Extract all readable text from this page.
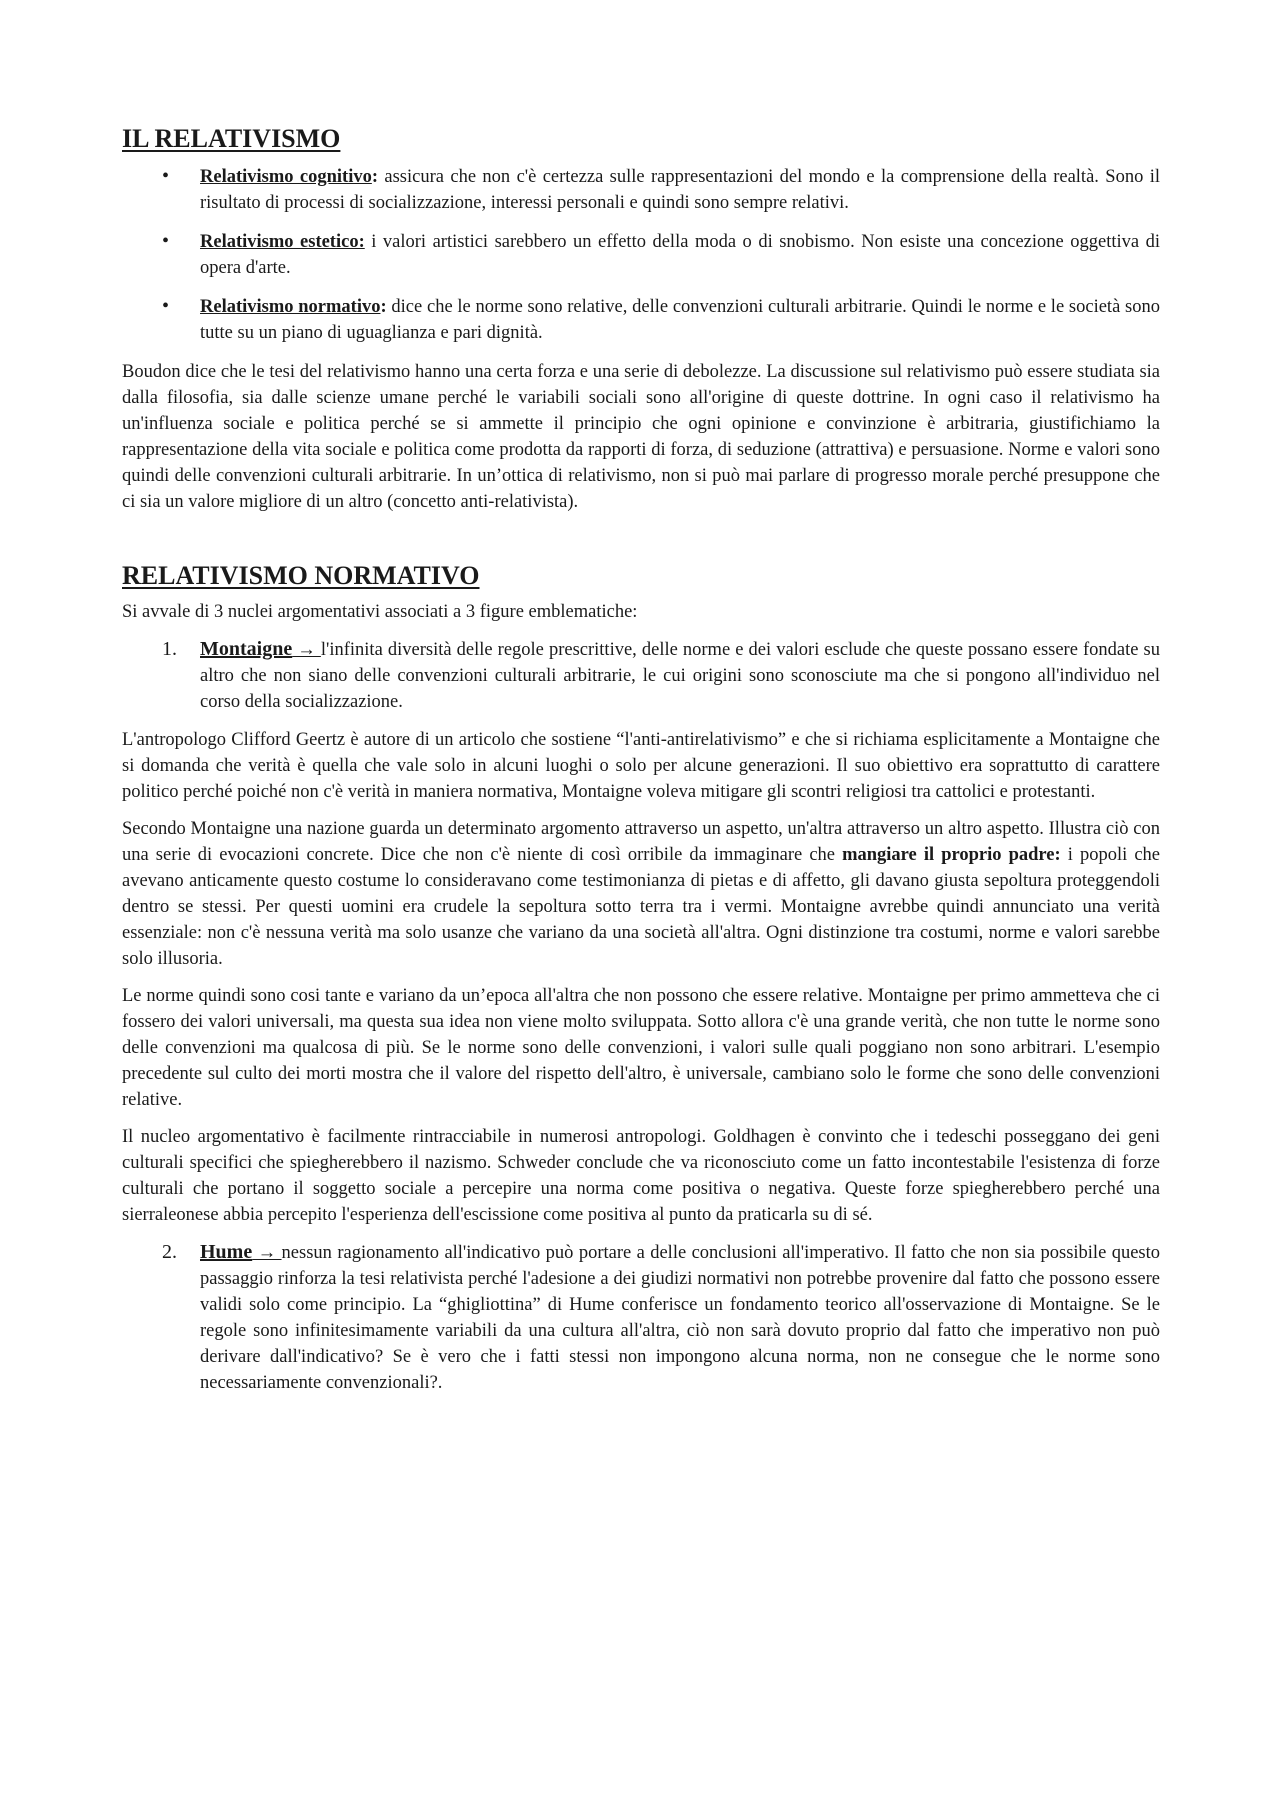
IL RELATIVISMO
• Relativismo cognitivo: assicura che non c'è certezza sulle rappresentazioni del mondo e la comprensione della realtà. Sono il risultato di processi di socializzazione, interessi personali e quindi sono sempre relativi.
• Relativismo estetico: i valori artistici sarebbero un effetto della moda o di snobismo. Non esiste una concezione oggettiva di opera d'arte.
• Relativismo normativo: dice che le norme sono relative, delle convenzioni culturali arbitrarie. Quindi le norme e le società sono tutte su un piano di uguaglianza e pari dignità.

Boudon dice che le tesi del relativismo hanno una certa forza e una serie di debolezze. La discussione sul relativismo può essere studiata sia dalla filosofia, sia dalle scienze umane perché le variabili sociali sono all'origine di queste dottrine. In ogni caso il relativismo ha un'influenza sociale e politica perché se si ammette il principio che ogni opinione e convinzione è arbitraria, giustifichiamo la rappresentazione della vita sociale e politica come prodotta da rapporti di forza, di seduzione (attrattiva) e persuasione. Norme e valori sono quindi delle convenzioni culturali arbitrarie. In un’ottica di relativismo, non si può mai parlare di progresso morale perché presuppone che ci sia un valore migliore di un altro (concetto anti-relativista).

RELATIVISMO NORMATIVO

Si avvale di 3 nuclei argomentativi associati a 3 figure emblematiche:

1. Montaigne → l'infinita diversità delle regole prescrittive, delle norme e dei valori esclude che queste possano essere fondate su altro che non siano delle convenzioni culturali arbitrarie, le cui origini sono sconosciute ma che si pongono all'individuo nel corso della socializzazione.

L'antropologo Clifford Geertz è autore di un articolo che sostiene “l'anti-antirelativismo” e che si richiama esplicitamente a Montaigne che si domanda che verità è quella che vale solo in alcuni luoghi o solo per alcune generazioni. Il suo obiettivo era soprattutto di carattere politico perché poiché non c'è verità in maniera normativa, Montaigne voleva mitigare gli scontri religiosi tra cattolici e protestanti.

Secondo Montaigne una nazione guarda un determinato argomento attraverso un aspetto, un'altra attraverso un altro aspetto. Illustra ciò con una serie di evocazioni concrete. Dice che non c'è niente di così orribile da immaginare che mangiare il proprio padre: i popoli che avevano anticamente questo costume lo consideravano come testimonianza di pietas e di affetto, gli davano giusta sepoltura proteggendoli dentro se stessi. Per questi uomini era crudele la sepoltura sotto terra tra i vermi. Montaigne avrebbe quindi annunciato una verità essenziale: non c'è nessuna verità ma solo usanze che variano da una società all'altra. Ogni distinzione tra costumi, norme e valori sarebbe solo illusoria.

Le norme quindi sono cosi tante e variano da un’epoca all'altra che non possono che essere relative. Montaigne per primo ammetteva che ci fossero dei valori universali, ma questa sua idea non viene molto sviluppata. Sotto allora c'è una grande verità, che non tutte le norme sono delle convenzioni ma qualcosa di più. Se le norme sono delle convenzioni, i valori sulle quali poggiano non sono arbitrari. L'esempio precedente sul culto dei morti mostra che il valore del rispetto dell'altro, è universale, cambiano solo le forme che sono delle convenzioni relative.

Il nucleo argomentativo è facilmente rintracciabile in numerosi antropologi. Goldhagen è convinto che i tedeschi posseggano dei geni culturali specifici che spiegherebbero il nazismo. Schweder conclude che va riconosciuto come un fatto incontestabile l'esistenza di forze culturali che portano il soggetto sociale a percepire una norma come positiva o negativa. Queste forze spiegherebbero perché una sierraleonese abbia percepito l'esperienza dell'escissione come positiva al punto da praticarla su di sé.

2. Hume → nessun ragionamento all'indicativo può portare a delle conclusioni all'imperativo. Il fatto che non sia possibile questo passaggio rinforza la tesi relativista perché l'adesione a dei giudizi normativi non potrebbe provenire dal fatto che possono essere validi solo come principio. La “ghigliottina” di Hume conferisce un fondamento teorico all'osservazione di Montaigne. Se le regole sono infinitesimamente variabili da una cultura all'altra, ciò non sarà dovuto proprio dal fatto che imperativo non può derivare dall'indicativo? Se è vero che i fatti stessi non impongono alcuna norma, non ne consegue che le norme sono necessariamente convenzionali?.
